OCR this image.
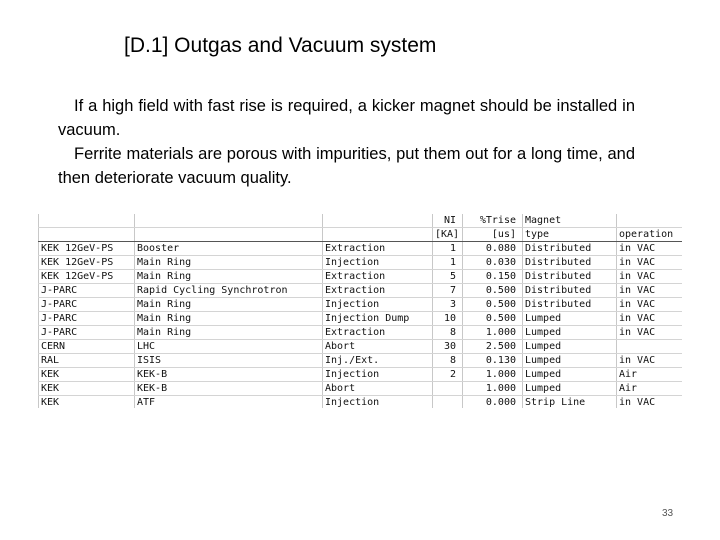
[D.1] Outgas and Vacuum system

If a high field with fast rise is required, a kicker magnet should be installed in vacuum.

Ferrite materials are porous with impurities, put them out for a long time, and then deteriorate vacuum quality.

			NI	%Trise	Magnet	
			[KA]	[us]	type	operation
KEK 12GeV-PS	Booster	Extraction	1	0.080	Distributed	in VAC
KEK 12GeV-PS	Main Ring	Injection	1	0.030	Distributed	in VAC
KEK 12GeV-PS	Main Ring	Extraction	5	0.150	Distributed	in VAC
J-PARC	Rapid Cycling Synchrotron	Extraction	7	0.500	Distributed	in VAC
J-PARC	Main Ring	Injection	3	0.500	Distributed	in VAC
J-PARC	Main Ring	Injection Dump	10	0.500	Lumped	in VAC
J-PARC	Main Ring	Extraction	8	1.000	Lumped	in VAC
CERN	LHC	Abort	30	2.500	Lumped	
RAL	ISIS	Inj./Ext.	8	0.130	Lumped	in VAC
KEK	KEK-B	Injection	2	1.000	Lumped	Air
KEK	KEK-B	Abort		1.000	Lumped	Air
KEK	ATF	Injection		0.000	Strip Line	in VAC
33
